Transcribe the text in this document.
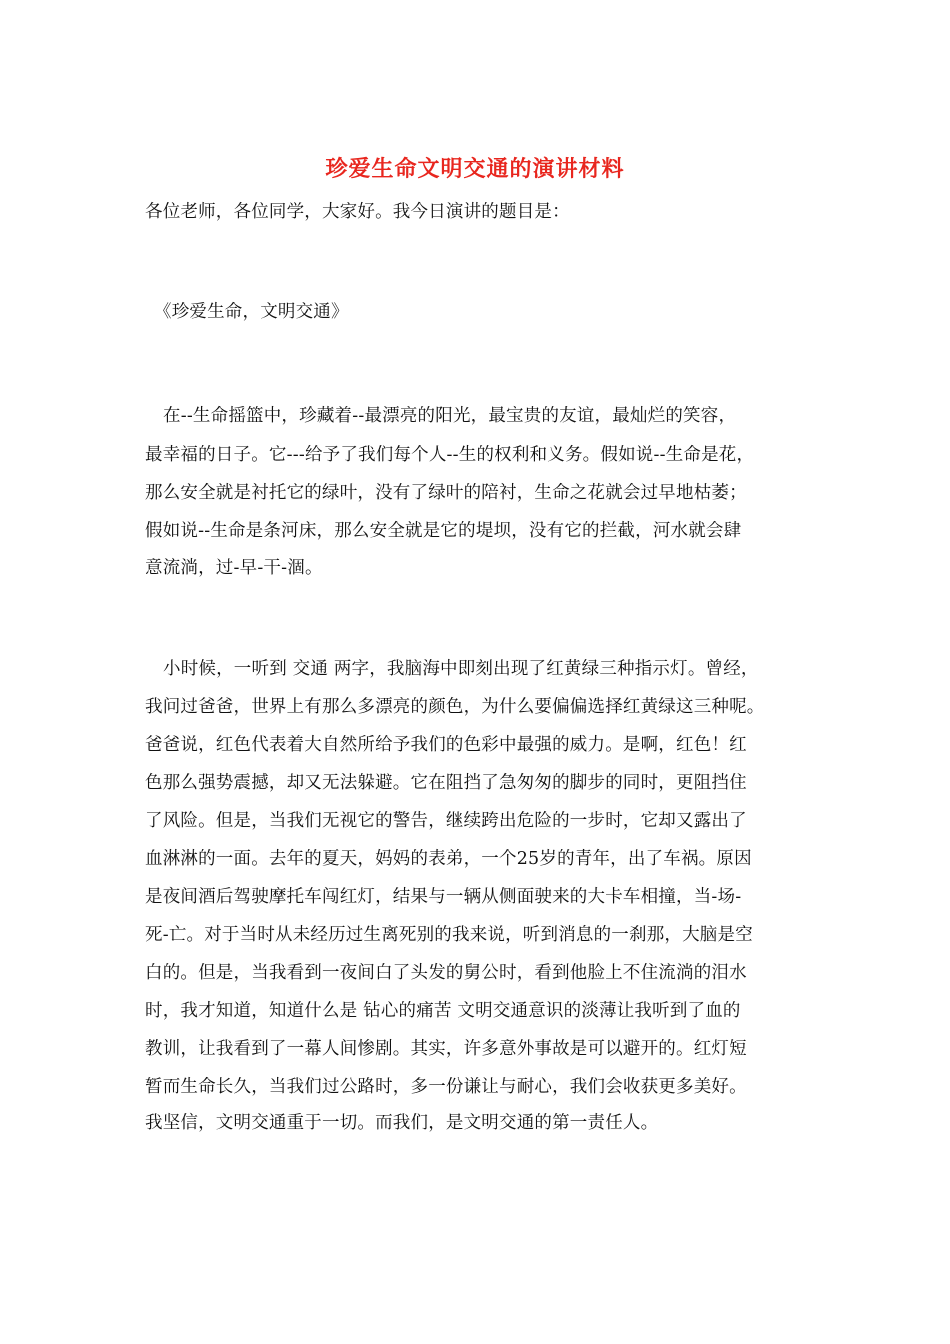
珍爱生命文明交通的演讲材料
各位老师，各位同学，大家好。我今日演讲的题目是：
《珍爱生命，文明交通》
在--生命摇篮中，珍藏着--最漂亮的阳光，最宝贵的友谊，最灿烂的笑容，
最幸福的日子。它---给予了我们每个人--生的权利和义务。假如说--生命是花，
那么安全就是衬托它的绿叶，没有了绿叶的陪衬，生命之花就会过早地枯萎；
假如说--生命是条河床，那么安全就是它的堤坝，没有它的拦截，河水就会肆
意流淌，过-早-干-涸。
小时候，一听到 交通 两字，我脑海中即刻出现了红黄绿三种指示灯。曾经，
我问过爸爸，世界上有那么多漂亮的颜色，为什么要偏偏选择红黄绿这三种呢。
爸爸说，红色代表着大自然所给予我们的色彩中最强的威力。是啊，红色！红
色那么强势震撼，却又无法躲避。它在阻挡了急匆匆的脚步的同时，更阻挡住
了风险。但是，当我们无视它的警告，继续跨出危险的一步时，它却又露出了
血淋淋的一面。去年的夏天，妈妈的表弟，一个25岁的青年，出了车祸。原因
是夜间酒后驾驶摩托车闯红灯，结果与一辆从侧面驶来的大卡车相撞，当-场-
死-亡。对于当时从未经历过生离死别的我来说，听到消息的一刹那，大脑是空
白的。但是，当我看到一夜间白了头发的舅公时，看到他脸上不住流淌的泪水
时，我才知道，知道什么是 钻心的痛苦 文明交通意识的淡薄让我听到了血的
教训，让我看到了一幕人间惨剧。其实，许多意外事故是可以避开的。红灯短
暂而生命长久，当我们过公路时，多一份谦让与耐心，我们会收获更多美好。
我坚信，文明交通重于一切。而我们，是文明交通的第一责任人。
